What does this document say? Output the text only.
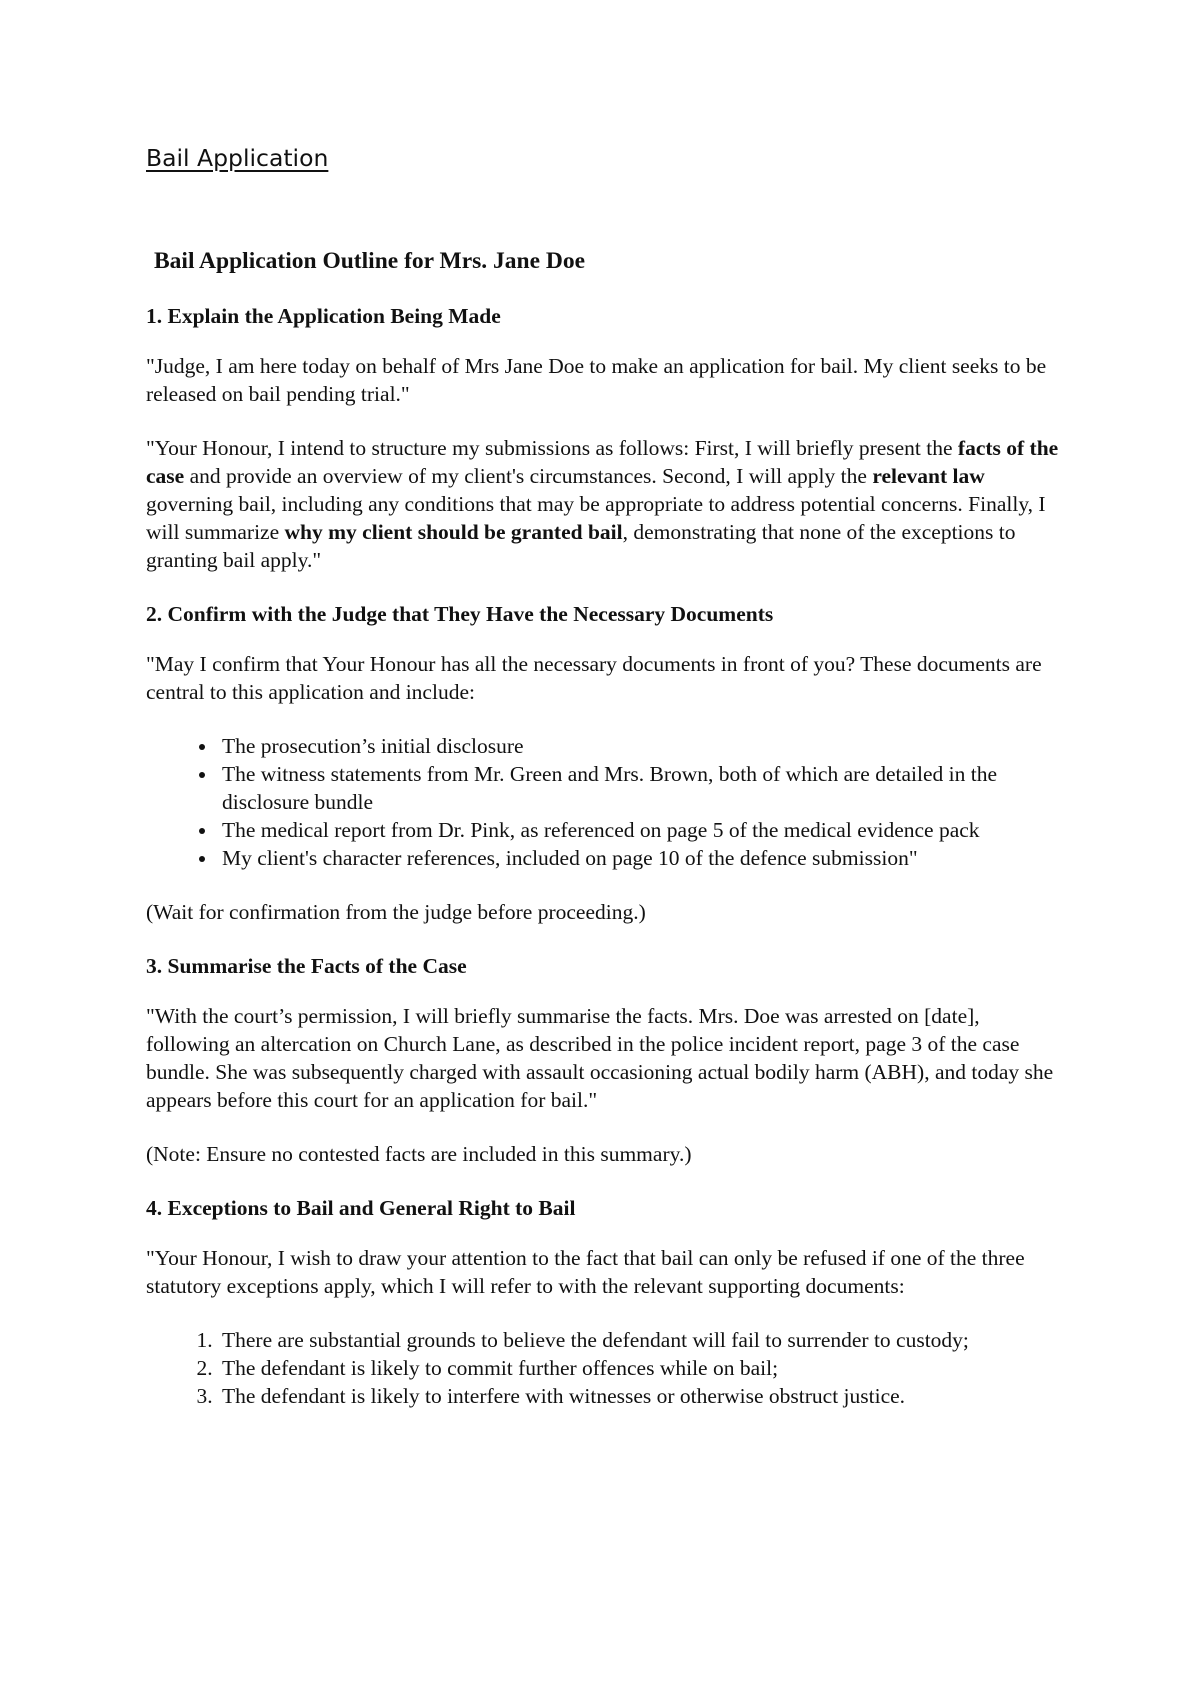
Bail Application
Bail Application Outline for Mrs. Jane Doe
1. Explain the Application Being Made

"Judge, I am here today on behalf of Mrs Jane Doe to make an application for bail. My client seeks to be released on bail pending trial."

"Your Honour, I intend to structure my submissions as follows: First, I will briefly present the facts of the case and provide an overview of my client's circumstances. Second, I will apply the relevant law governing bail, including any conditions that may be appropriate to address potential concerns. Finally, I will summarize why my client should be granted bail, demonstrating that none of the exceptions to granting bail apply."

2. Confirm with the Judge that They Have the Necessary Documents

"May I confirm that Your Honour has all the necessary documents in front of you? These documents are central to this application and include:

• The prosecution’s initial disclosure
• The witness statements from Mr. Green and Mrs. Brown, both of which are detailed in the disclosure bundle
• The medical report from Dr. Pink, as referenced on page 5 of the medical evidence pack
• My client's character references, included on page 10 of the defence submission"

(Wait for confirmation from the judge before proceeding.)

3. Summarise the Facts of the Case

"With the court’s permission, I will briefly summarise the facts. Mrs. Doe was arrested on [date], following an altercation on Church Lane, as described in the police incident report, page 3 of the case bundle. She was subsequently charged with assault occasioning actual bodily harm (ABH), and today she appears before this court for an application for bail."

(Note: Ensure no contested facts are included in this summary.)

4. Exceptions to Bail and General Right to Bail

"Your Honour, I wish to draw your attention to the fact that bail can only be refused if one of the three statutory exceptions apply, which I will refer to with the relevant supporting documents:

1. There are substantial grounds to believe the defendant will fail to surrender to custody;
2. The defendant is likely to commit further offences while on bail;
3. The defendant is likely to interfere with witnesses or otherwise obstruct justice.
